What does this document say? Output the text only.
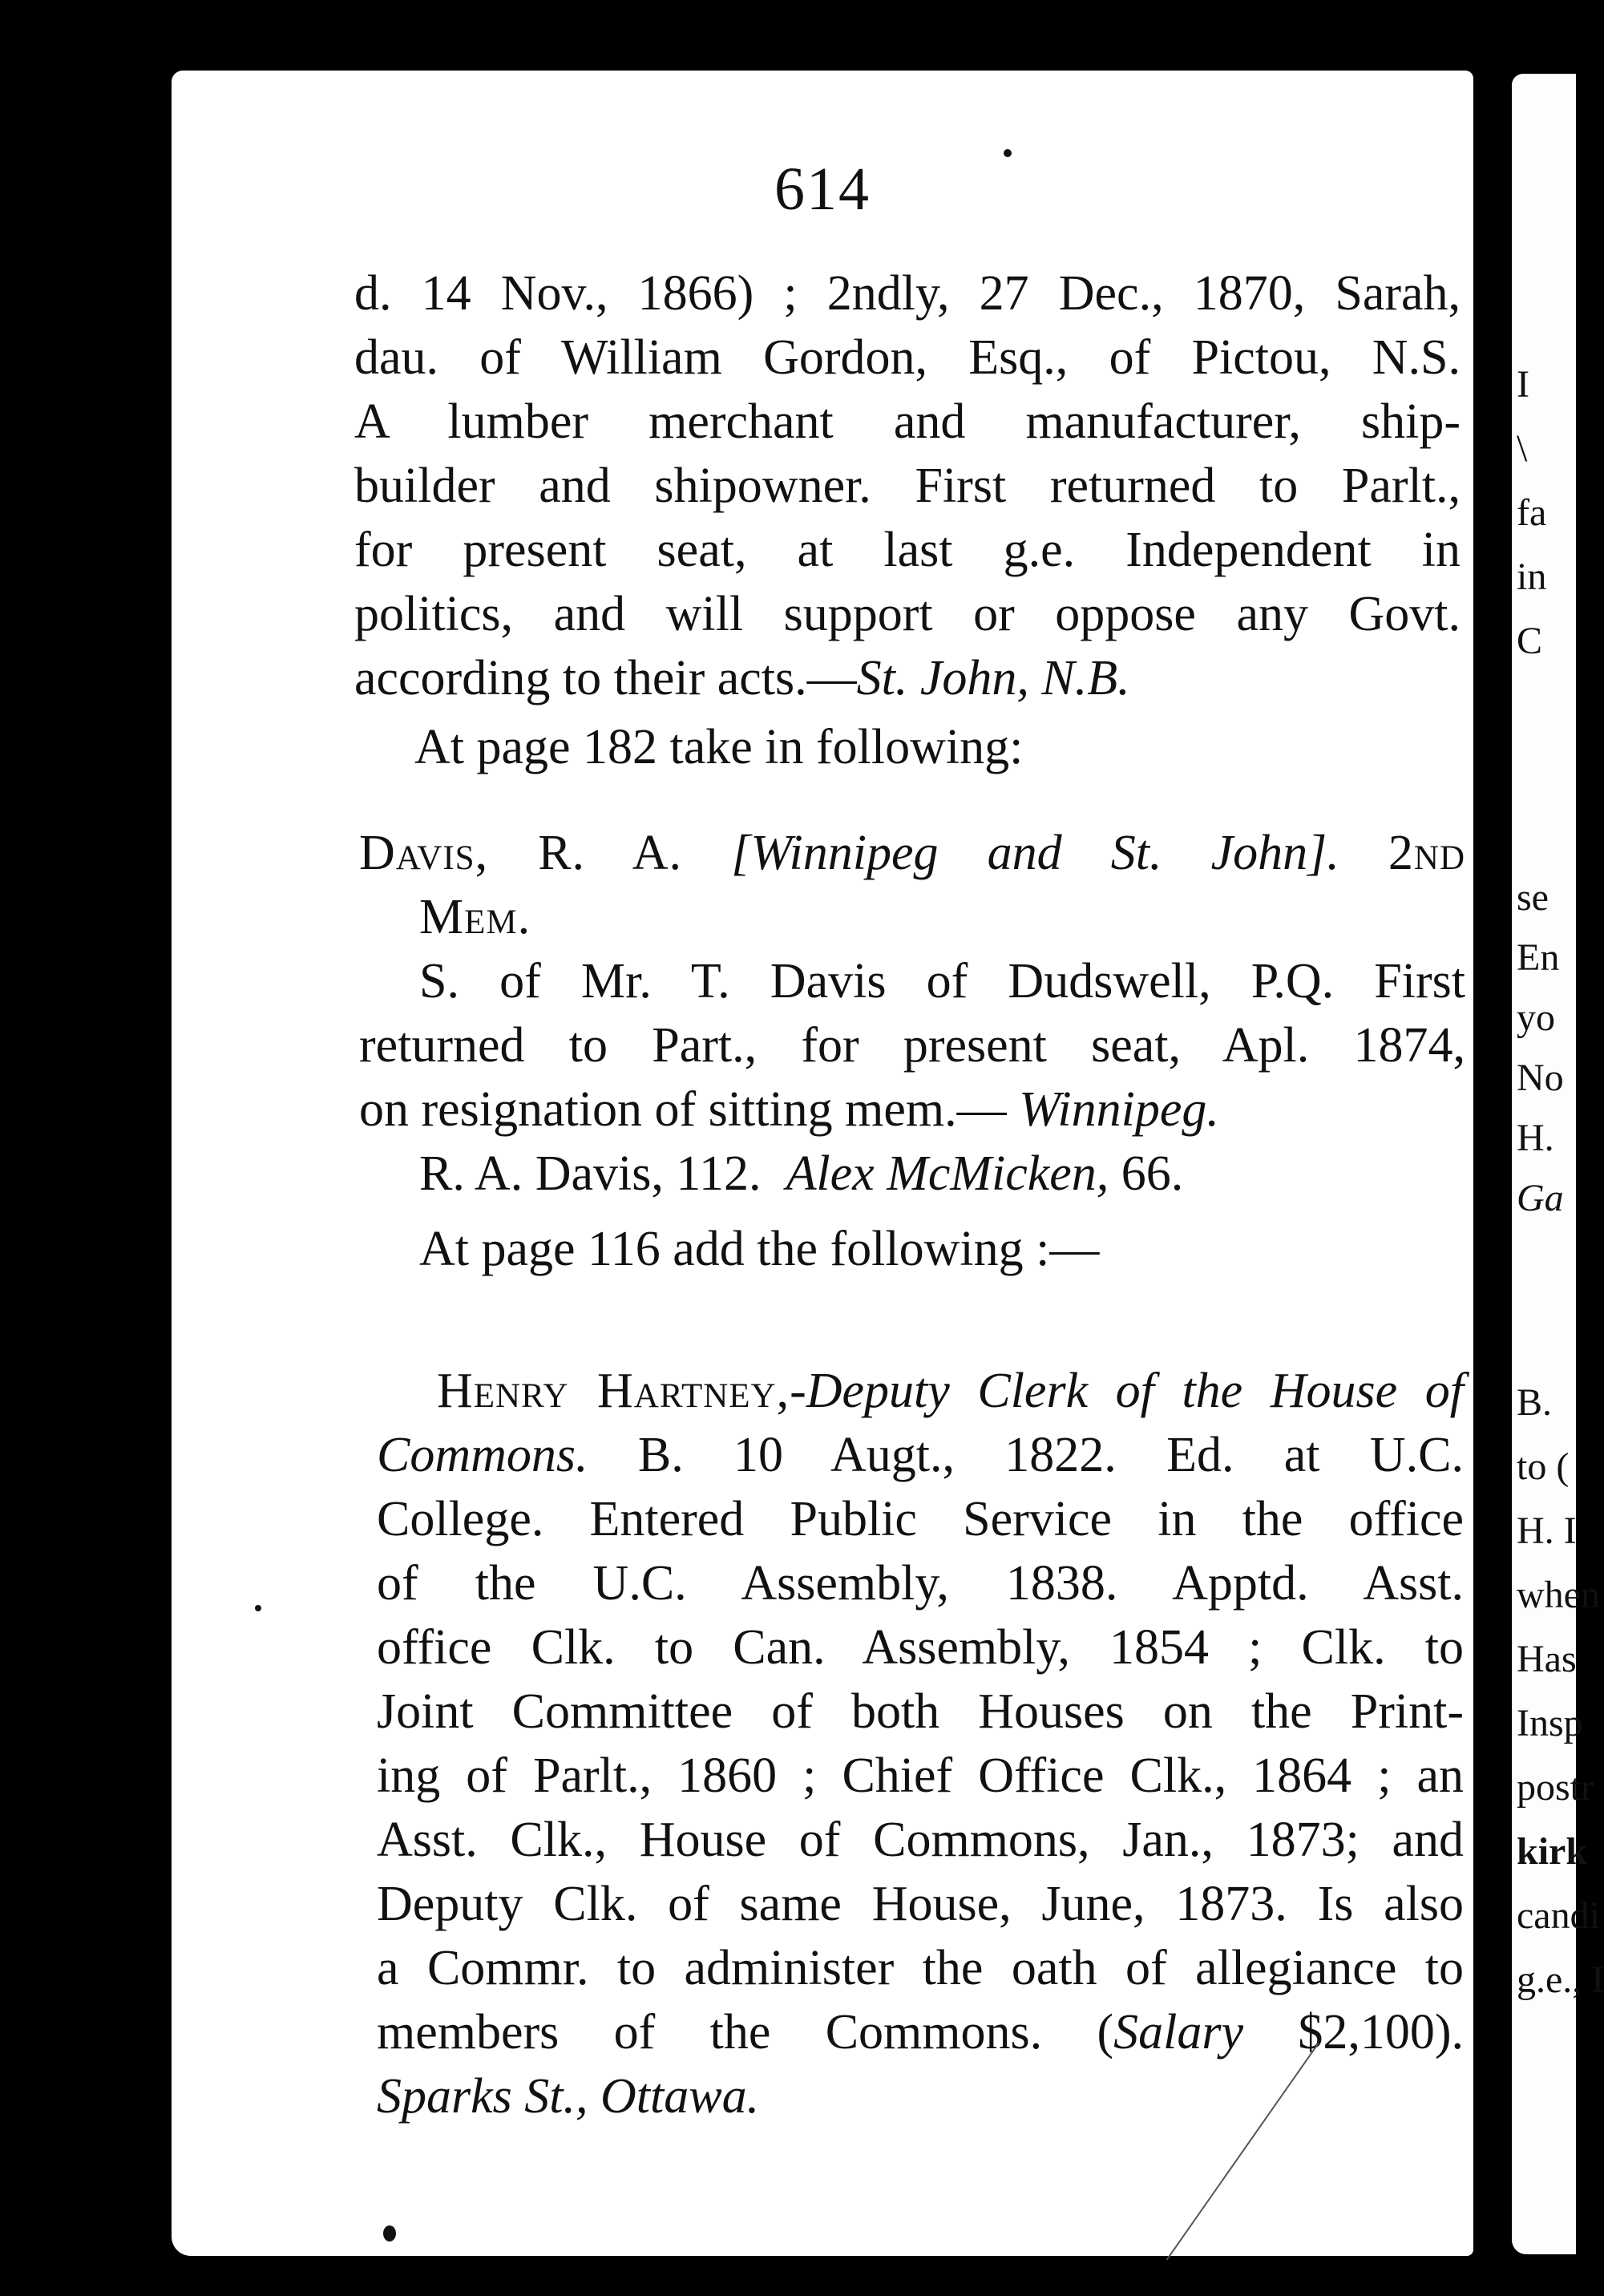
614
d. 14 Nov., 1866) ; 2ndly, 27 Dec., 1870, Sarah,
dau. of William Gordon, Esq., of Pictou, N.S.
A lumber merchant and manufacturer, ship-
builder and shipowner. First returned to Parlt.,
for present seat, at last g.e. Independent in
politics, and will support or oppose any Govt.
according to their acts.—St. John, N.B.
At page 182 take in following:
Davis, R. A. [Winnipeg and St. John]. 2nd
Mem.
S. of Mr. T. Davis of Dudswell, P.Q. First
returned to Part., for present seat, Apl. 1874,
on resignation of sitting mem.— Winnipeg.
R. A. Davis, 112. Alex McMicken, 66.
At page 116 add the following :—
Henry Hartney,-Deputy Clerk of the House of
Commons. B. 10 Augt., 1822. Ed. at U.C.
College. Entered Public Service in the office
of the U.C. Assembly, 1838. Apptd. Asst.
office Clk. to Can. Assembly, 1854 ; Clk. to
Joint Committee of both Houses on the Print-
ing of Parlt., 1860 ; Chief Office Clk., 1864 ; an
Asst. Clk., House of Commons, Jan., 1873; and
Deputy Clk. of same House, June, 1873. Is also
a Commr. to administer the oath of allegiance to
members of the Commons. (Salary $2,100).
Sparks St., Ottawa.
I
\
fa
in
C
se
En
yo
No
H.
Ga
B.
to (
H. I
when
Has
Insp
postr
kirk
candi
g.e., I
